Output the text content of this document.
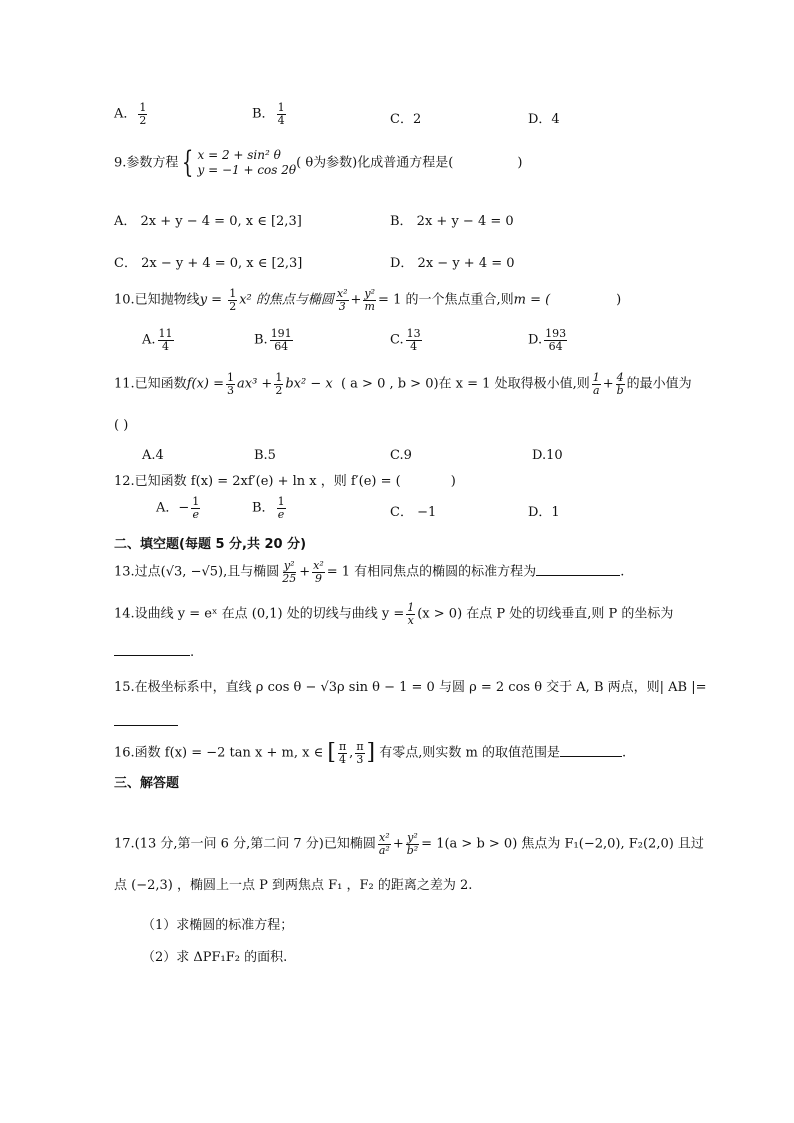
A． $\frac{1}{2}$	B． $\frac{1}{4}$	C．2	D．4
9.参数方程 { x = 2 + sin² θ
y = −1 + cos 2θ ( θ为参数)化成普通方程是(	)
A． 2x + y − 4 = 0, x ∈ [2,3]	B． 2x + y − 4 = 0
C． 2x − y + 4 = 0, x ∈ [2,3]	D． 2x − y + 4 = 0
10.已知抛物线$y = \frac{1}{2} x^2$ 的焦点与椭圆 $\frac{\text{x²}}{3} + \frac{\text{y²}}{m} = 1$ 的一个焦点重合,则m = (	)
A. $\frac{11}{4}$	B. $\frac{191}{64}$	C. $\frac{13}{4}$	D. $\frac{193}{64}$
11.已知函数$f(x) = \frac{1}{3} ax^3 + \frac{1}{2} bx^2 - x$  ( a > 0 , b > 0)在 x = 1 处取得极小值,则 $\frac{1}{a} + \frac{4}{b}$ 的最小值为
( )
A.4	B.5	C.9	D.10
12.已知函数 f(x) = 2xf′(e) + ln x ，则 f′(e) = (	)
A．− $\frac{1}{e}$	B． $\frac{1}{e}$	C． −1	D．1
二、填空题(每题 5 分,共 20 分)
13.过点(√3, −√5),且与椭圆 $\frac{\text{y²}}{25} + \frac{\text{x²}}{9} = 1$ 有相同焦点的椭圆的标准方程为	.
14.设曲线 y = eˣ 在点 (0,1) 处的切线与曲线 $y = \frac{1}{x} (x > 0)$ 在点 P 处的切线垂直,则 P 的坐标为
.
15.在极坐标系中，直线 ρ cos θ − √3ρ sin θ − 1 = 0 与圆 ρ = 2 cos θ 交于 A, B 两点，则| AB |=
16.函数 f(x) = −2 tan x + m, x ∈ [ $\frac{\pi}{4}$ , $\frac{\pi}{3}$ ] 有零点,则实数 m 的取值范围是	.
三、解答题
17.(13 分,第一问 6 分,第二问 7 分)已知椭圆 $\frac{\text{x²}}{\text{a²}} + \frac{\text{y²}}{\text{b²}} = 1(a > b > 0)$ 焦点为 F₁(−2,0), F₂(2,0) 且过
点 (−2,3) ，椭圆上一点 P 到两焦点 F₁ ，F₂ 的距离之差为 2.
（1）求椭圆的标准方程；
（2）求 ΔPF₁F₂ 的面积.
